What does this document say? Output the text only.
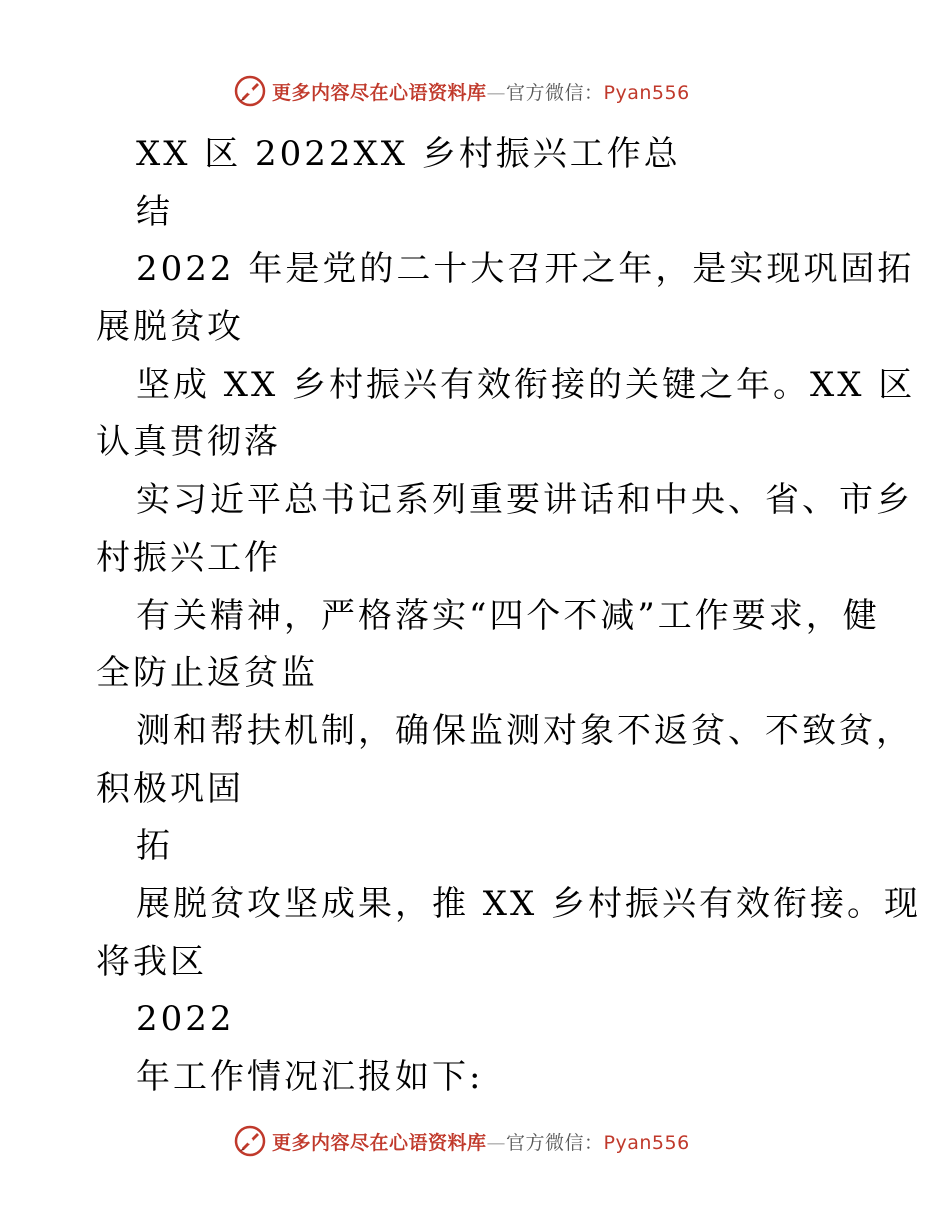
更多内容尽在心语资料库—官方微信：Pyan556
XX 区 2022XX 乡村振兴工作总
结
2022 年是党的二十大召开之年，是实现巩固拓
展脱贫攻
坚成 XX 乡村振兴有效衔接的关键之年。XX 区
认真贯彻落
实习近平总书记系列重要讲话和中央、省、市乡
村振兴工作
有关精神，严格落实“四个不减”工作要求，健
全防止返贫监
测和帮扶机制，确保监测对象不返贫、不致贫，
积极巩固
拓
展脱贫攻坚成果，推 XX 乡村振兴有效衔接。现
将我区
2022
年工作情况汇报如下:
更多内容尽在心语资料库—官方微信：Pyan556
